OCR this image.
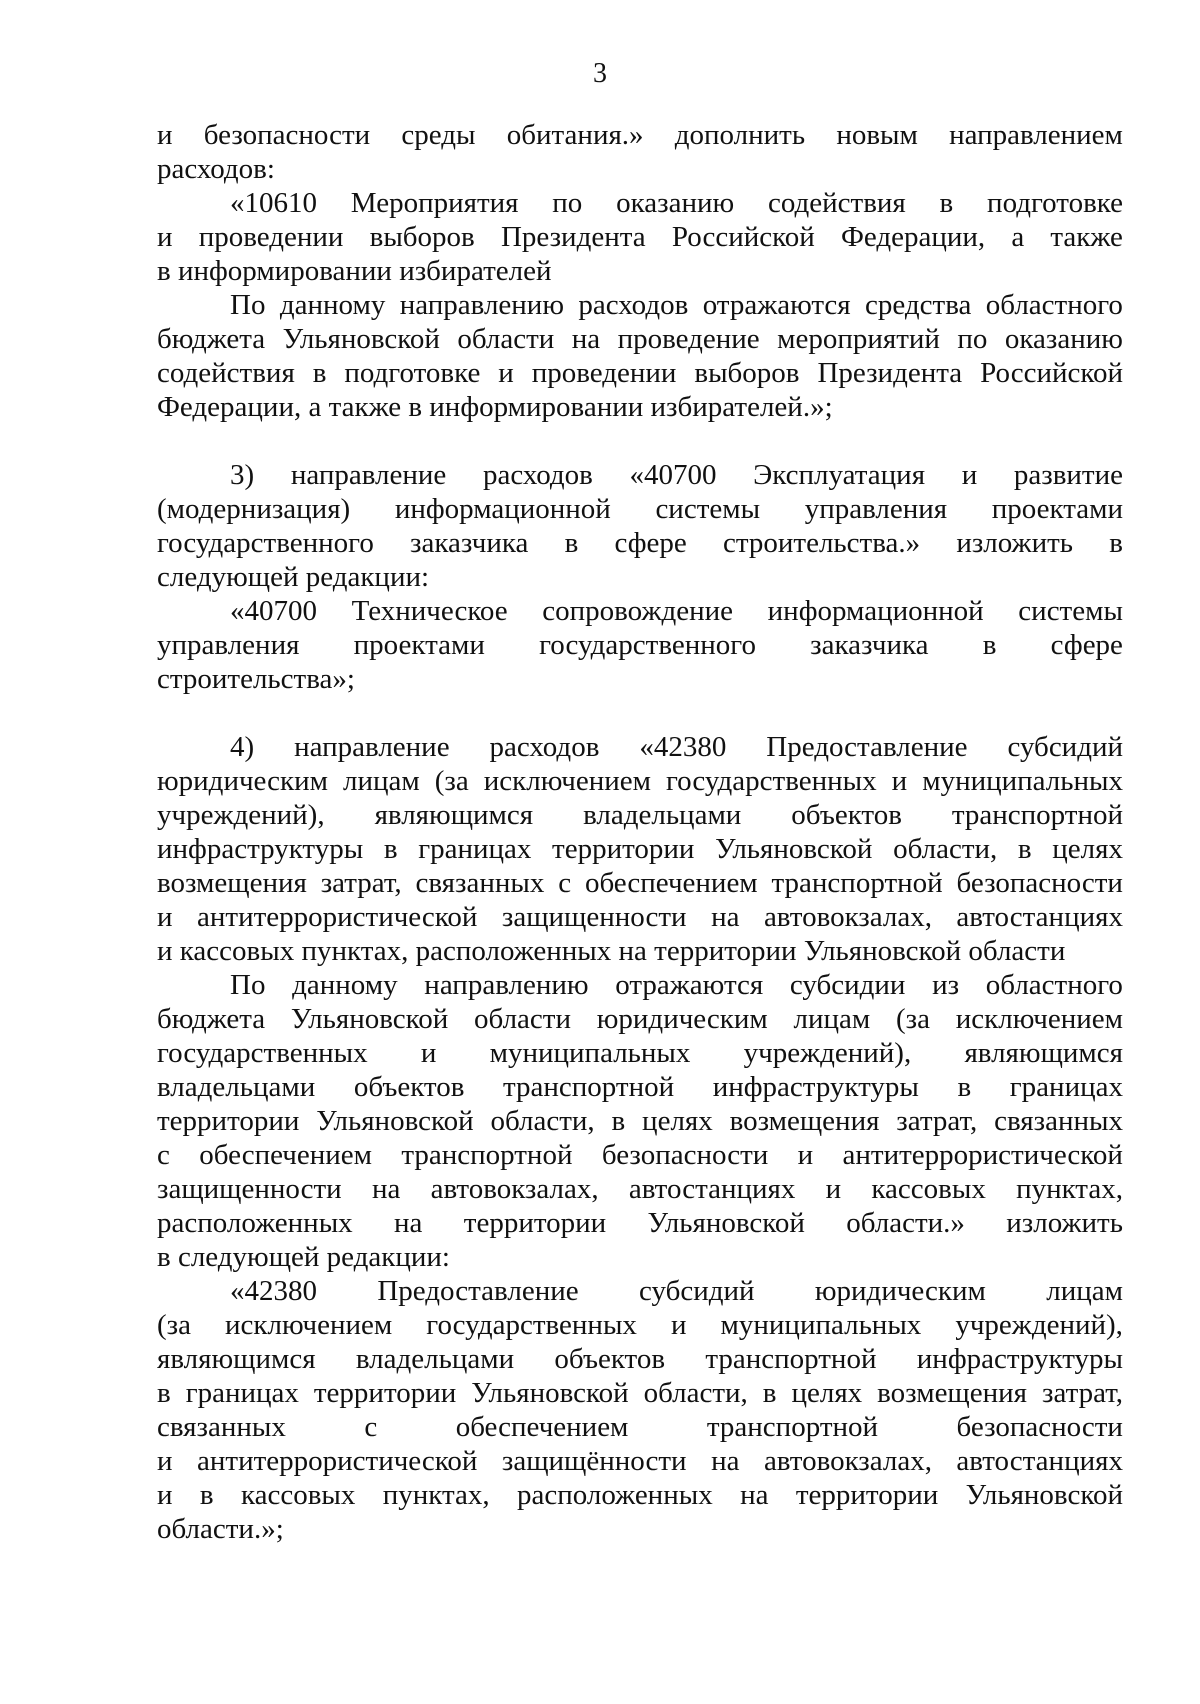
3
и безопасности среды обитания.» дополнить новым направлением
расходов:
«10610 Мероприятия по оказанию содействия в подготовке
и проведении выборов Президента Российской Федерации, а также
в информировании избирателей
По данному направлению расходов отражаются средства областного
бюджета Ульяновской области на проведение мероприятий по оказанию
содействия в подготовке и проведении выборов Президента Российской
Федерации, а также в информировании избирателей.»;
3) направление расходов «40700 Эксплуатация и развитие
(модернизация) информационной системы управления проектами
государственного заказчика в сфере строительства.» изложить в
следующей редакции:
«40700 Техническое сопровождение информационной системы
управления проектами государственного заказчика в сфере
строительства»;
4) направление расходов «42380 Предоставление субсидий
юридическим лицам (за исключением государственных и муниципальных
учреждений), являющимся владельцами объектов транспортной
инфраструктуры в границах территории Ульяновской области, в целях
возмещения затрат, связанных с обеспечением транспортной безопасности
и антитеррористической защищенности на автовокзалах, автостанциях
и кассовых пунктах, расположенных на территории Ульяновской области
По данному направлению отражаются субсидии из областного
бюджета Ульяновской области юридическим лицам (за исключением
государственных и муниципальных учреждений), являющимся
владельцами объектов транспортной инфраструктуры в границах
территории Ульяновской области, в целях возмещения затрат, связанных
с обеспечением транспортной безопасности и антитеррористической
защищенности на автовокзалах, автостанциях и кассовых пунктах,
расположенных на территории Ульяновской области.» изложить
в следующей редакции:
«42380 Предоставление субсидий юридическим лицам
(за исключением государственных и муниципальных учреждений),
являющимся владельцами объектов транспортной инфраструктуры
в границах территории Ульяновской области, в целях возмещения затрат,
связанных	с	обеспечением	транспортной	безопасности
и антитеррористической защищённости на автовокзалах, автостанциях
и в кассовых пунктах, расположенных на территории Ульяновской
области.»;
